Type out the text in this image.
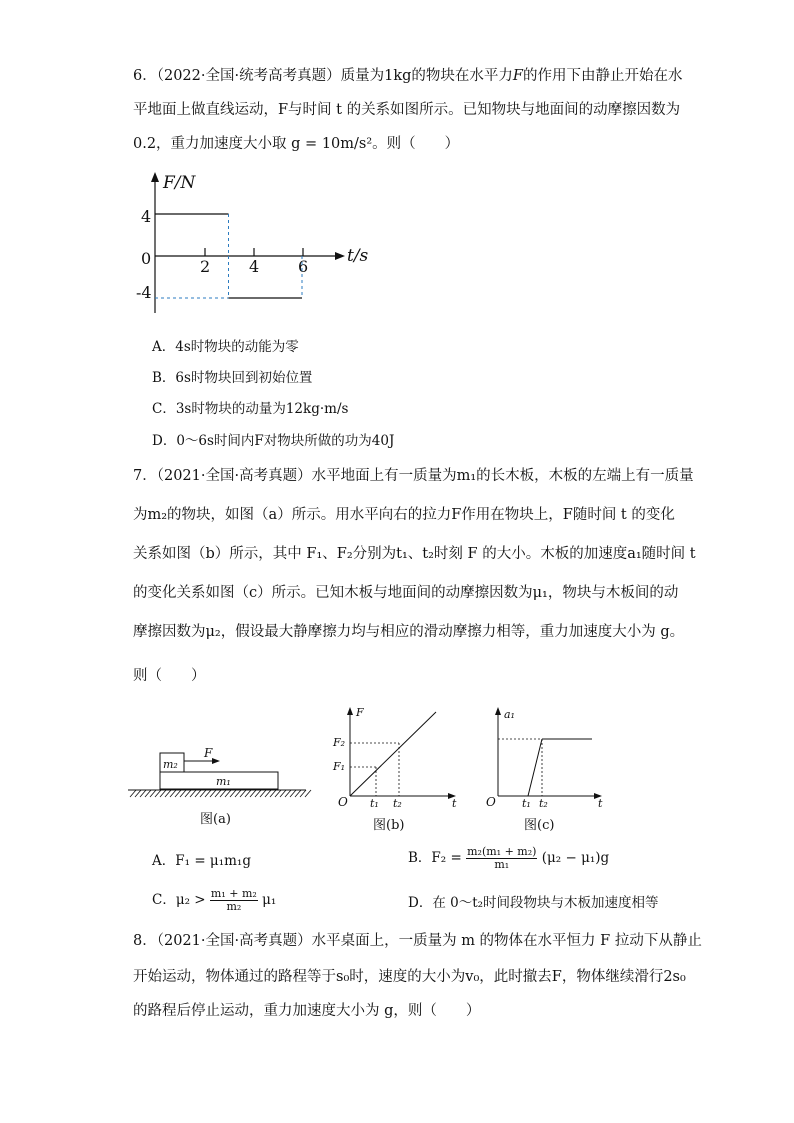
6．（2022·全国·统考高考真题）质量为1kg的物块在水平力F的作用下由静止开始在水
平地面上做直线运动，F与时间 t 的关系如图所示。已知物块与地面间的动摩擦因数为
0.2，重力加速度大小取 g = 10m/s²。则（　　）
F/N
t/s
4
0
-4
2 4 6
A．4s时物块的动能为零
B．6s时物块回到初始位置
C．3s时物块的动量为12kg·m/s
D．0～6s时间内F对物块所做的功为40J
7．（2021·全国·高考真题）水平地面上有一质量为m₁的长木板，木板的左端上有一质量
为m₂的物块，如图（a）所示。用水平向右的拉力F作用在物块上，F随时间 t 的变化
关系如图（b）所示，其中 F₁、F₂分别为t₁、t₂时刻 F 的大小。木板的加速度a₁随时间 t
的变化关系如图（c）所示。已知木板与地面间的动摩擦因数为μ₁，物块与木板间的动
摩擦因数为μ₂，假设最大静摩擦力均与相应的滑动摩擦力相等，重力加速度大小为 g。
则（　　）
m₂
m₁
F
图(a)
F
t
O
F₂
F₁
t₁ t₂
图(b)
a₁
t
O t₁ t₂
图(c)
A．F₁ = μ₁m₁g	B．$F_2 = \frac{\text{m₂(m₁ + m₂)}}{\text{m₁}} (\mu_2 - \mu_1)g$
C．$\mu_2 > \frac{\text{m₁ + m₂}}{\text{m₂}} \mu_1$	D．在 0～t₂时间段物块与木板加速度相等
8．（2021·全国·高考真题）水平桌面上，一质量为 m 的物体在水平恒力 F 拉动下从静止
开始运动，物体通过的路程等于s₀时，速度的大小为v₀，此时撤去F，物体继续滑行2s₀
的路程后停止运动，重力加速度大小为 g，则（　　）
